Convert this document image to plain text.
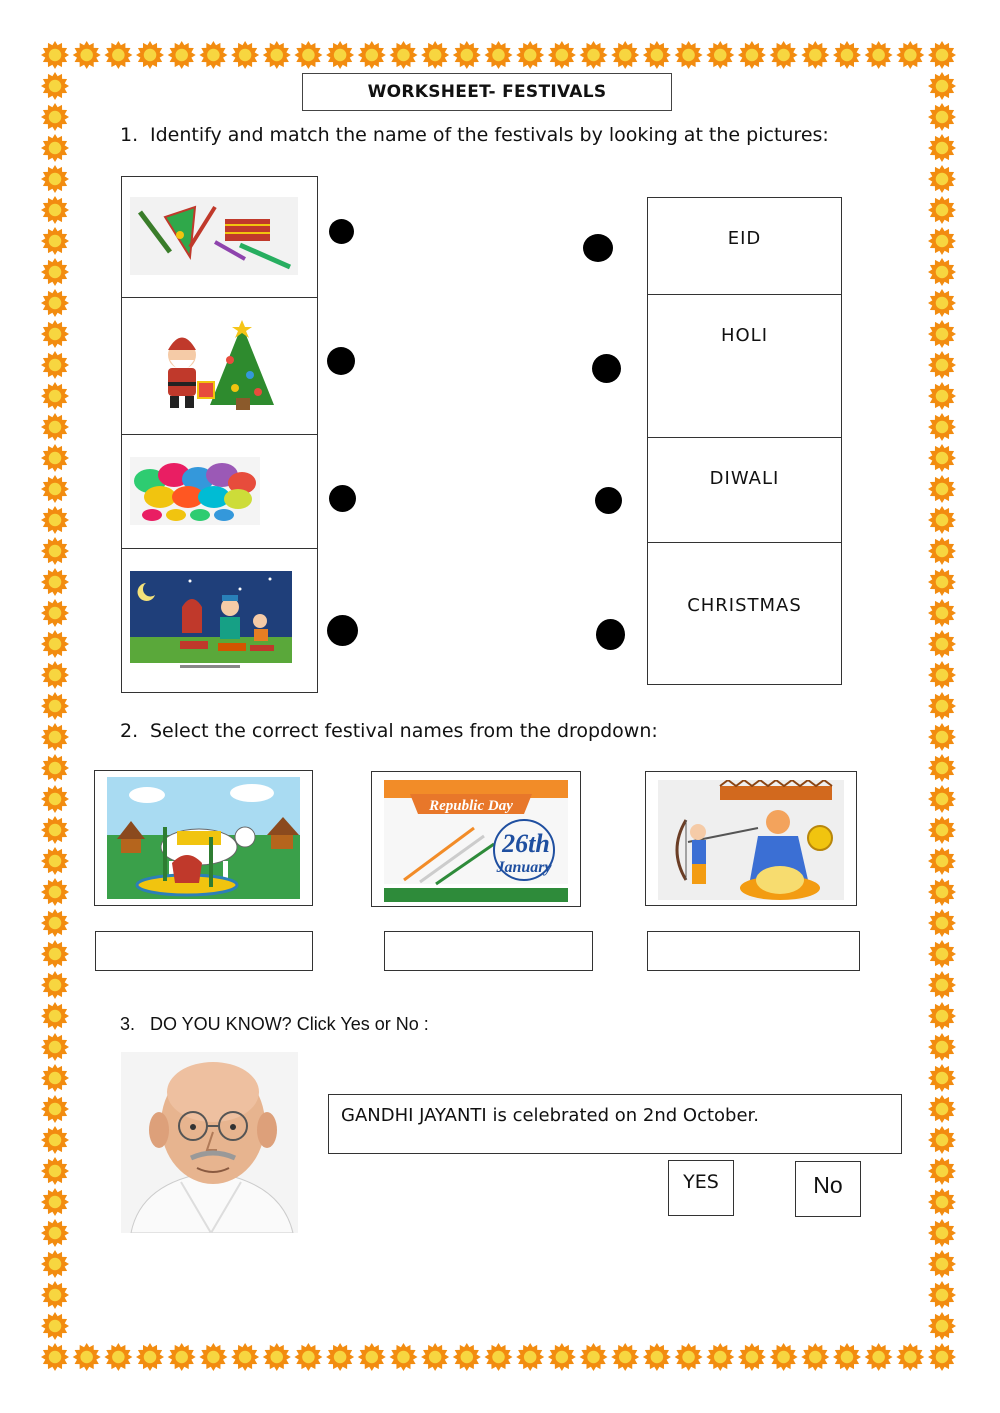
WORKSHEET- FESTIVALS
1. Identify and match the name of the festivals by looking at the pictures:
EID
HOLI
DIWALI
CHRISTMAS
2. Select the correct festival names from the dropdown:
Republic Day
26th
January
3. DO YOU KNOW? Click Yes or No :
GANDHI JAYANTI is celebrated on 2nd October.
YES	No
